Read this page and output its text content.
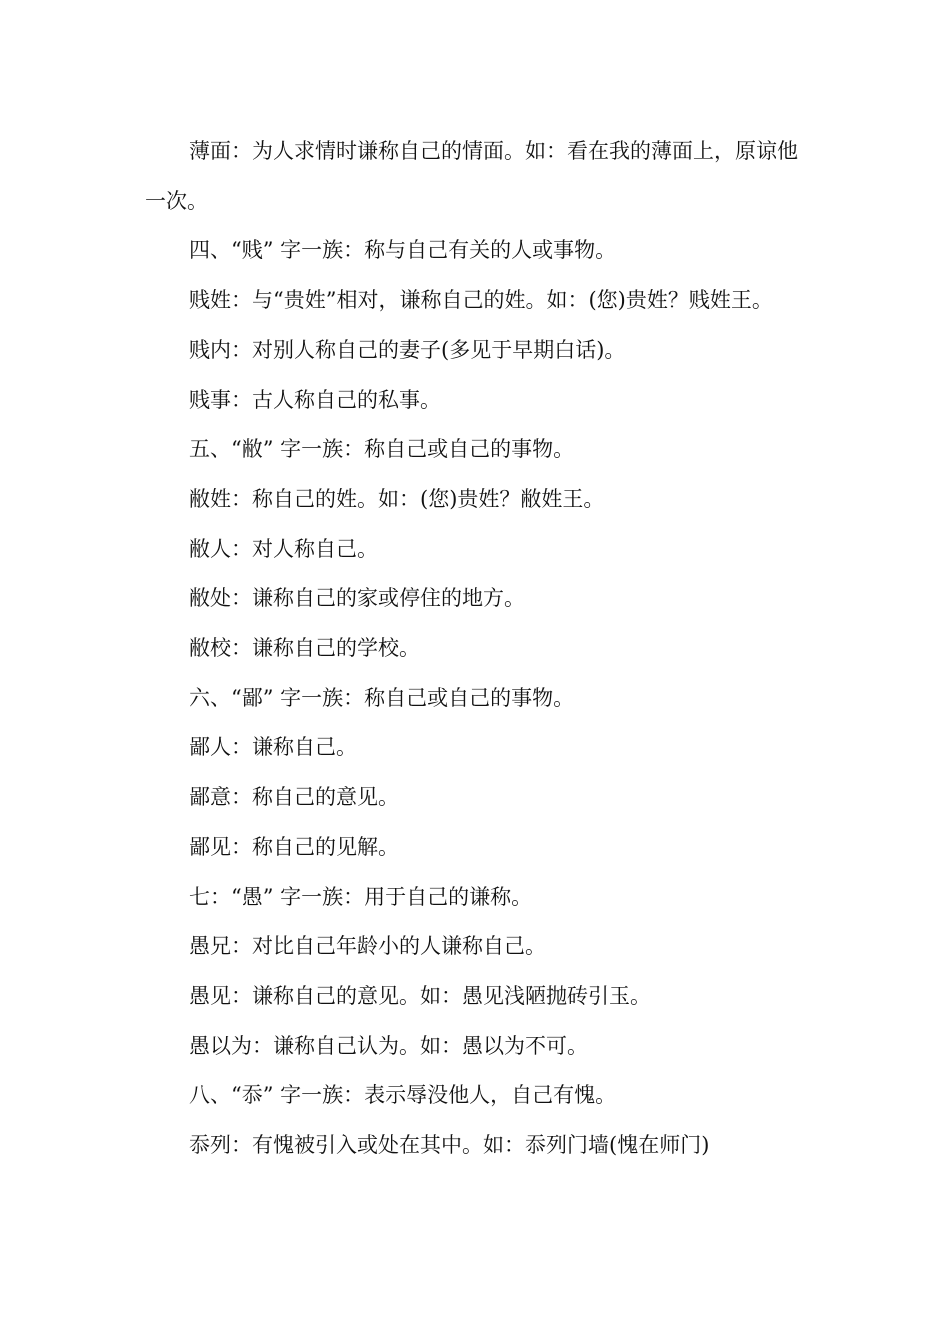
薄面：为人求情时谦称自己的情面。如：看在我的薄面上，原谅他一次。

四、“贱” 字一族：称与自己有关的人或事物。

贱姓：与“贵姓”相对，谦称自己的姓。如：(您)贵姓？贱姓王。

贱内：对别人称自己的妻子(多见于早期白话)。

贱事：古人称自己的私事。

五、“敝” 字一族：称自己或自己的事物。

敝姓：称自己的姓。如：(您)贵姓？敝姓王。

敝人：对人称自己。

敝处：谦称自己的家或停住的地方。

敝校：谦称自己的学校。

六、“鄙” 字一族：称自己或自己的事物。

鄙人：谦称自己。

鄙意：称自己的意见。

鄙见：称自己的见解。

七：“愚” 字一族：用于自己的谦称。

愚兄：对比自己年龄小的人谦称自己。

愚见：谦称自己的意见。如：愚见浅陋抛砖引玉。

愚以为：谦称自己认为。如：愚以为不可。

八、“忝” 字一族：表示辱没他人，自己有愧。

忝列：有愧被引入或处在其中。如：忝列门墙(愧在师门)
